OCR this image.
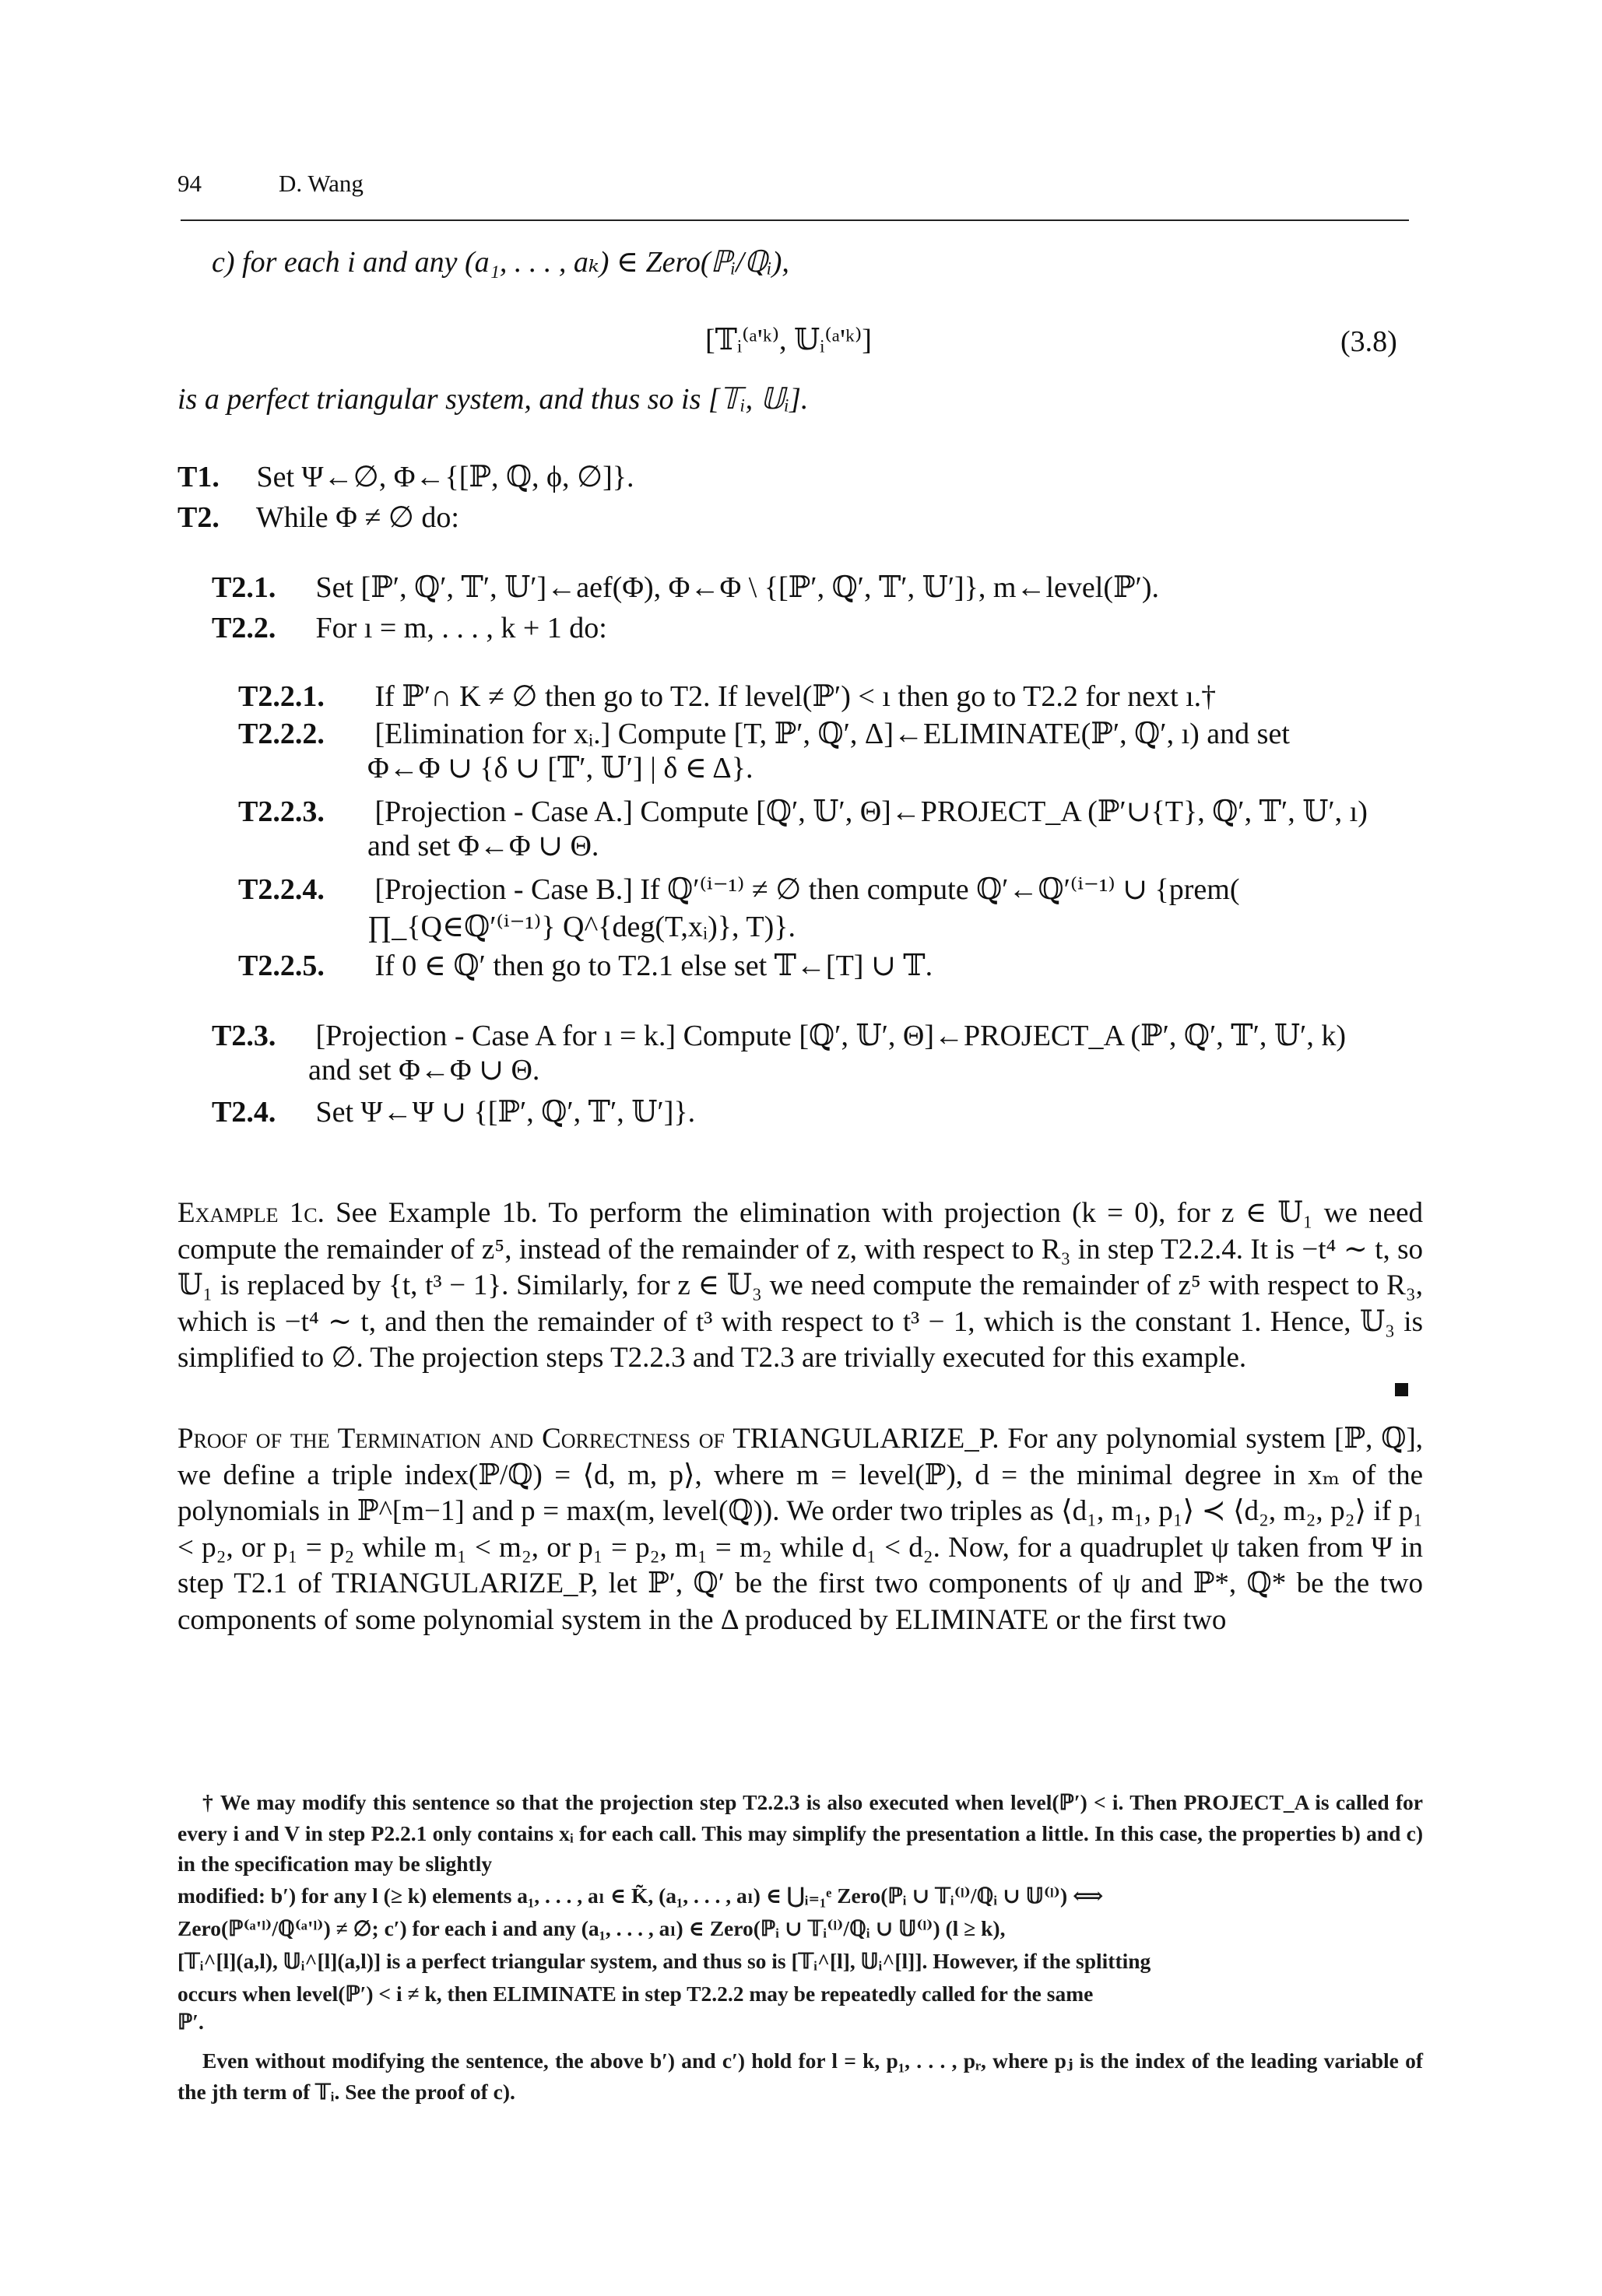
94	D. Wang
c) for each i and any (a₁, . . . , aₖ) ∈ Zero(ℙᵢ/ℚᵢ),
[𝕋ᵢ⁽ᵃ'ᵏ⁾, 𝕌ᵢ⁽ᵃ'ᵏ⁾]	(3.8)
is a perfect triangular system, and thus so is [𝕋ᵢ, 𝕌ᵢ].
T1. Set Ψ←∅, Φ←{[ℙ, ℚ, ϕ, ∅]}.
T2. While Φ ≠ ∅ do:
T2.1. Set [ℙ′, ℚ′, 𝕋′, 𝕌′]←aef(Φ), Φ←Φ \ {[ℙ′, ℚ′, 𝕋′, 𝕌′]}, m←level(ℙ′).
T2.2. For ı = m, . . . , k + 1 do:
T2.2.1. If ℙ′∩ K ≠ ∅ then go to T2. If level(ℙ′) < ı then go to T2.2 for next ı.†
T2.2.2. [Elimination for xᵢ.] Compute [T, ℙ′, ℚ′, Δ]←ELIMINATE(ℙ′, ℚ′, ı) and set
Φ←Φ ∪ {δ ∪ [𝕋′, 𝕌′] | δ ∈ Δ}.
T2.2.3. [Projection - Case A.] Compute [ℚ′, 𝕌′, Θ]←PROJECT_A (ℙ′∪{T}, ℚ′, 𝕋′, 𝕌′, ı)
and set Φ←Φ ∪ Θ.
T2.2.4. [Projection - Case B.] If ℚ′⁽ⁱ⁻¹⁾ ≠ ∅ then compute ℚ′←ℚ′⁽ⁱ⁻¹⁾ ∪ {prem(
∏_{Q∈ℚ′⁽ⁱ⁻¹⁾} Q^{deg(T,xᵢ)}, T)}.
T2.2.5. If 0 ∈ ℚ′ then go to T2.1 else set 𝕋←[T] ∪ 𝕋.
T2.3. [Projection - Case A for ı = k.] Compute [ℚ′, 𝕌′, Θ]←PROJECT_A (ℙ′, ℚ′, 𝕋′, 𝕌′, k)
and set Φ←Φ ∪ Θ.
T2.4. Set Ψ←Ψ ∪ {[ℙ′, ℚ′, 𝕋′, 𝕌′]}.

Example 1c. See Example 1b. To perform the elimination with projection (k = 0), for z ∈ 𝕌₁ we need compute the remainder of z⁵, instead of the remainder of z, with respect to R₃ in step T2.2.4. It is −t⁴ ∼ t, so 𝕌₁ is replaced by {t, t³ − 1}. Similarly, for z ∈ 𝕌₃ we need compute the remainder of z⁵ with respect to R₃, which is −t⁴ ∼ t, and then the remainder of t³ with respect to t³ − 1, which is the constant 1. Hence, 𝕌₃ is simplified to ∅. The projection steps T2.2.3 and T2.3 are trivially executed for this example.

Proof of the Termination and Correctness of TRIANGULARIZE_P. For any polynomial system [ℙ, ℚ], we define a triple index(ℙ/ℚ) = ⟨d, m, p⟩, where m = level(ℙ), d = the minimal degree in xₘ of the polynomials in ℙ^[m−1] and p = max(m, level(ℚ)). We order two triples as ⟨d₁, m₁, p₁⟩ ≺ ⟨d₂, m₂, p₂⟩ if p₁ < p₂, or p₁ = p₂ while m₁ < m₂, or p₁ = p₂, m₁ = m₂ while d₁ < d₂. Now, for a quadruplet ψ taken from Ψ in step T2.1 of TRIANGULARIZE_P, let ℙ′, ℚ′ be the first two components of ψ and ℙ*, ℚ* be the two components of some polynomial system in the Δ produced by ELIMINATE or the first two

† We may modify this sentence so that the projection step T2.2.3 is also executed when level(ℙ′) < i. Then PROJECT_A is called for every i and V in step P2.2.1 only contains xᵢ for each call. This may simplify the presentation a little. In this case, the properties b) and c) in the specification may be slightly

modified: b′) for any l (≥ k) elements a₁, . . . , aₗ ∈ K̃, (a₁, . . . , aₗ) ∈ ⋃ᵢ₌₁ᵉ Zero(ℙᵢ ∪ 𝕋ᵢ⁽ˡ⁾/ℚᵢ ∪ 𝕌⁽ˡ⁾) ⟺
Zero(ℙ⁽ᵃ'ˡ⁾/ℚ⁽ᵃ'ˡ⁾) ≠ ∅; c′) for each i and any (a₁, . . . , aₗ) ∈ Zero(ℙᵢ ∪ 𝕋ᵢ⁽ˡ⁾/ℚᵢ ∪ 𝕌⁽ˡ⁾) (l ≥ k),
[𝕋ᵢ^[l](a,l), 𝕌ᵢ^[l](a,l)] is a perfect triangular system, and thus so is [𝕋ᵢ^[l], 𝕌ᵢ^[l]]. However, if the splitting
occurs when level(ℙ′) < i ≠ k, then ELIMINATE in step T2.2.2 may be repeatedly called for the same
ℙ′.

Even without modifying the sentence, the above b′) and c′) hold for l = k, p₁, . . . , pᵣ, where pⱼ is the index of the leading variable of the jth term of 𝕋ᵢ. See the proof of c).
